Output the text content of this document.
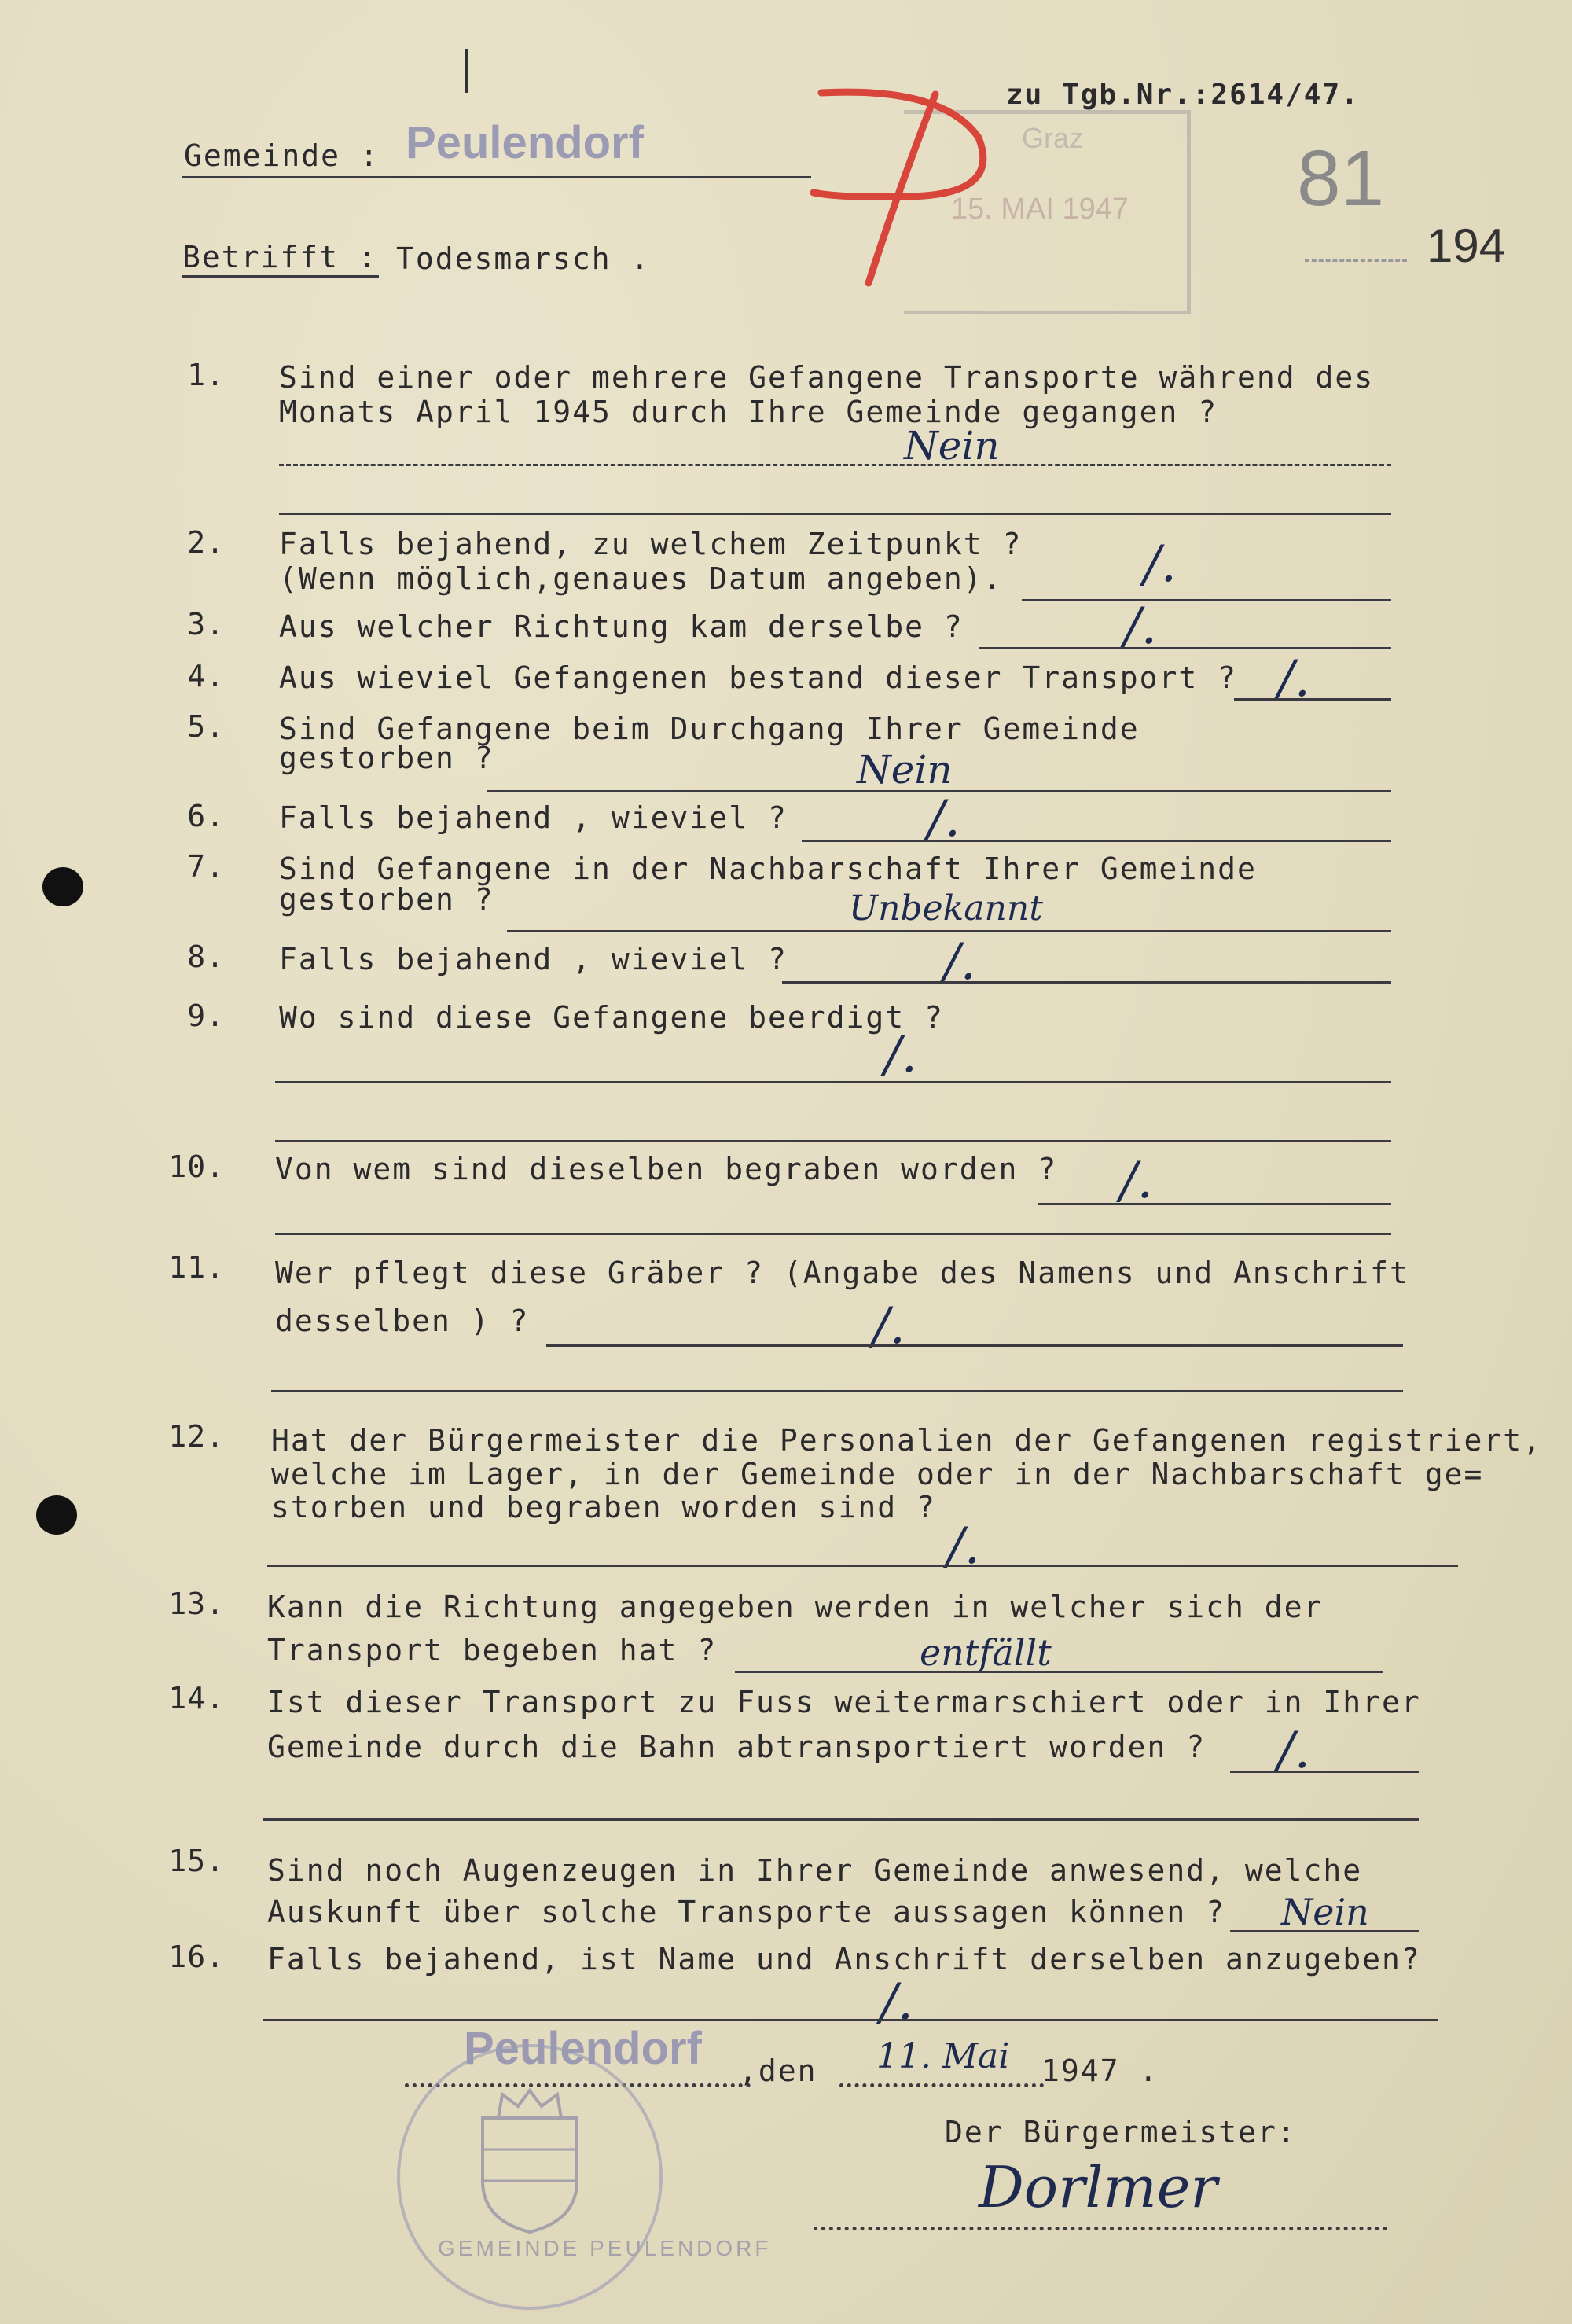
zu Tgb.Nr.:2614/47.
Gemeinde : Peulendorf
Betrifft : Todesmarsch .
Graz
15. MAI 1947 81
194
1. Sind einer oder mehrere Gefangene Transporte während des
Monats April 1945 durch Ihre Gemeinde gegangen ?
Nein
2. Falls bejahend, zu welchem Zeitpunkt ?
(Wenn möglich,genaues Datum angeben).	/.
3. Aus welcher Richtung kam derselbe ?	/.
4. Aus wieviel Gefangenen bestand dieser Transport ? /.
5. Sind Gefangene beim Durchgang Ihrer Gemeinde
gestorben ?	Nein
6. Falls bejahend , wieviel ?	/.
7. Sind Gefangene in der Nachbarschaft Ihrer Gemeinde
gestorben ?	Unbekannt
8. Falls bejahend , wieviel ?	/.
9. Wo sind diese Gefangene beerdigt ?
/.
10. Von wem sind dieselben begraben worden ? /.
11. Wer pflegt diese Gräber ? (Angabe des Namens und Anschrift
desselben ) ?	/.
12. Hat der Bürgermeister die Personalien der Gefangenen registriert,
welche im Lager, in der Gemeinde oder in der Nachbarschaft ge=
storben und begraben worden sind ?
/.
13. Kann die Richtung angegeben werden in welcher sich der
Transport begeben hat ?	entfällt
14. Ist dieser Transport zu Fuss weitermarschiert oder in Ihrer
Gemeinde durch die Bahn abtransportiert worden ? /.
15. Sind noch Augenzeugen in Ihrer Gemeinde anwesend, welche
Auskunft über solche Transporte aussagen können ? Nein
16. Falls bejahend, ist Name und Anschrift derselben anzugeben?
/.
Peulendorf ,den 11. Mai 1947 .
GEMEINDE PEULENDORF
Der Bürgermeister:
Dorlmer
